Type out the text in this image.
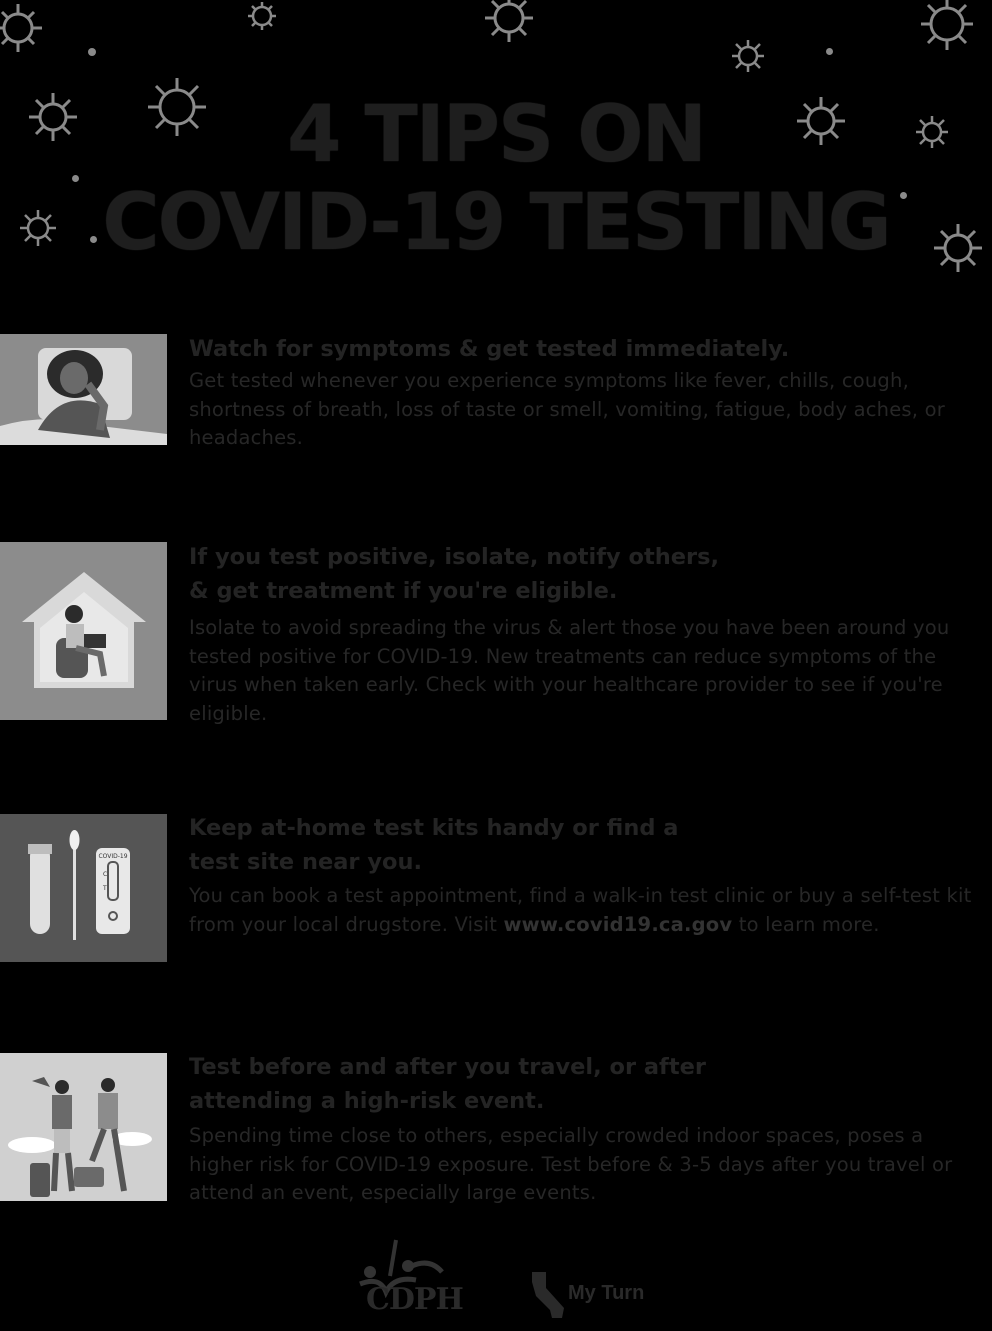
4 TIPS ON
COVID-19 TESTING
Watch for symptoms & get tested immediately.
Get tested whenever you experience symptoms like fever, chills, cough, shortness of breath, loss of taste or smell, vomiting, fatigue, body aches, or headaches.
If you test positive, isolate, notify others,
& get treatment if you're eligible.
Isolate to avoid spreading the virus & alert those you have been around you tested positive for COVID-19. New treatments can reduce symptoms of the virus when taken early. Check with your healthcare provider to see if you're eligible.
COVID-19
C
T
Keep at-home test kits handy or find a
test site near you.
You can book a test appointment, find a walk-in test clinic or buy a self-test kit from your local drugstore. Visit www.covid19.ca.gov to learn more.
Test before and after you travel, or after
attending a high-risk event.
Spending time close to others, especially crowded indoor spaces, poses a higher risk for COVID-19 exposure. Test before & 3-5 days after you travel or attend an event, especially large events.
CDPH	My Turn
